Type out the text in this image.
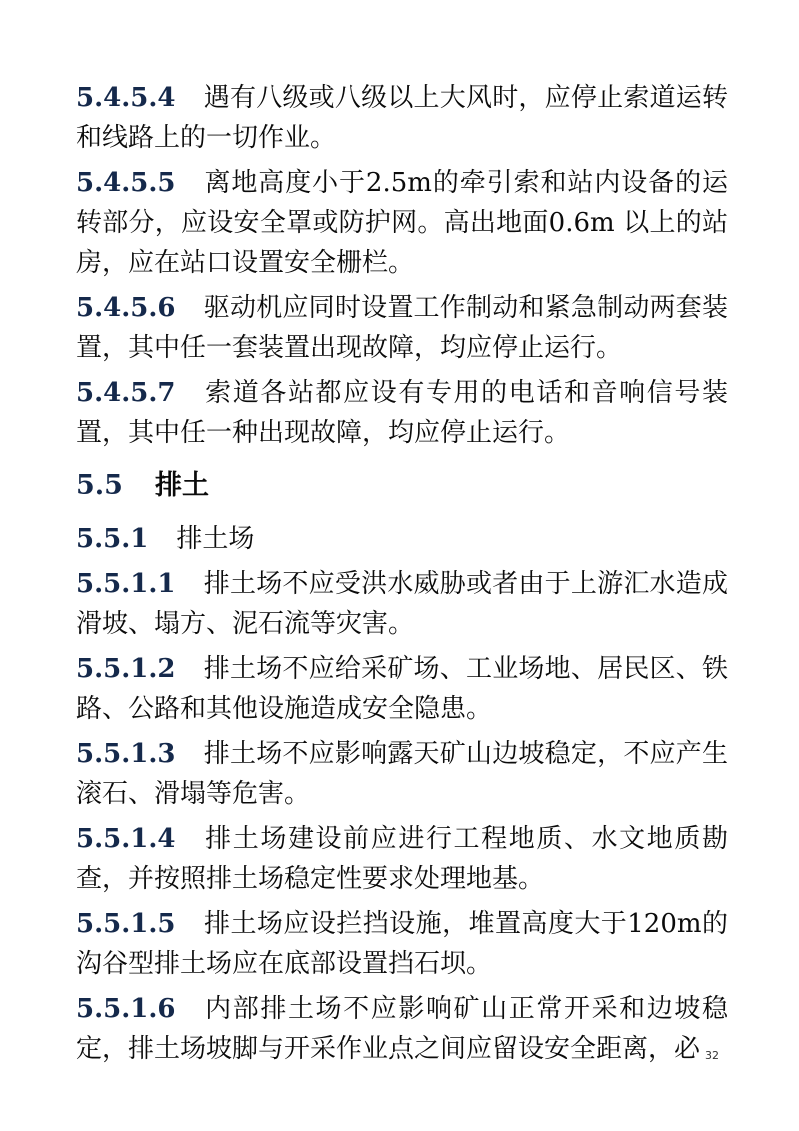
5.4.5.4 遇有八级或八级以上大风时，应停止索道运转和线路上的一切作业。

5.4.5.5 离地高度小于2.5m的牵引索和站内设备的运转部分，应设安全罩或防护网。高出地面0.6m 以上的站房，应在站口设置安全栅栏。

5.4.5.6 驱动机应同时设置工作制动和紧急制动两套装置，其中任一套装置出现故障，均应停止运行。

5.4.5.7 索道各站都应设有专用的电话和音响信号装置，其中任一种出现故障，均应停止运行。

5.5 排土

5.5.1 排土场

5.5.1.1 排土场不应受洪水威胁或者由于上游汇水造成滑坡、塌方、泥石流等灾害。

5.5.1.2 排土场不应给采矿场、工业场地、居民区、铁路、公路和其他设施造成安全隐患。

5.5.1.3 排土场不应影响露天矿山边坡稳定，不应产生滚石、滑塌等危害。

5.5.1.4 排土场建设前应进行工程地质、水文地质勘查，并按照排土场稳定性要求处理地基。

5.5.1.5 排土场应设拦挡设施，堆置高度大于120m的沟谷型排土场应在底部设置挡石坝。

5.5.1.6 内部排土场不应影响矿山正常开采和边坡稳定，排土场坡脚与开采作业点之间应留设安全距离，必 32
